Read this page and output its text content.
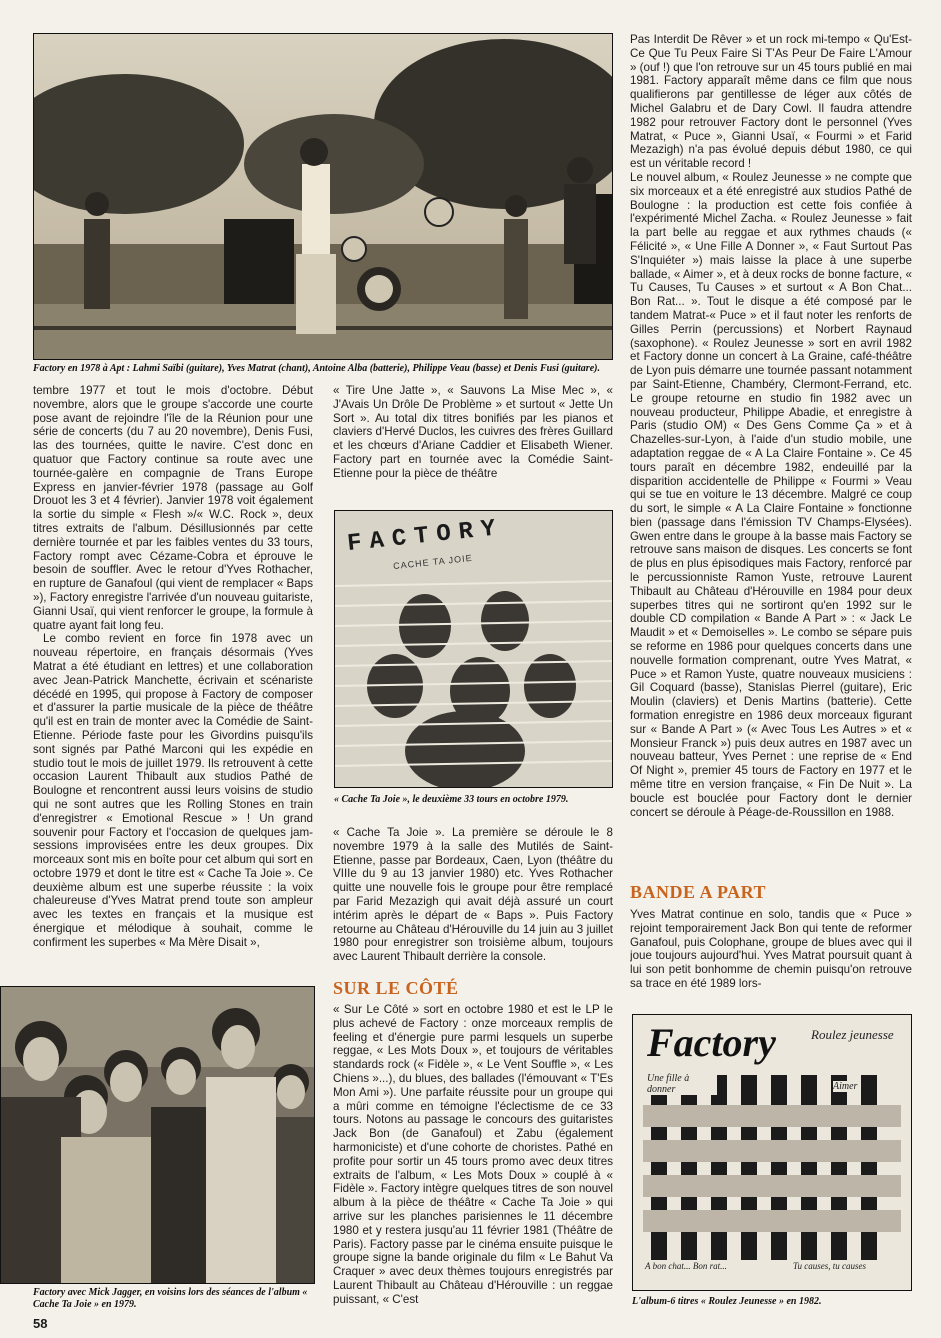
Factory en 1978 à Apt : Lahmi Saïbi (guitare), Yves Matrat (chant), Antoine Alba (batterie), Philippe Veau (basse) et Denis Fusi (guitare).
FACTORY
CACHE TA JOIE
« Cache Ta Joie », le deuxième 33 tours en octobre 1979.
Factory avec Mick Jagger, en voisins lors des séances de l'album « Cache Ta Joie » en 1979.
Factory	Roulez jeunesse
Une fille à donner	Aimer
A bon chat... Bon rat...	Tu causes, tu causes
L'album-6 titres « Roulez Jeunesse » en 1982.

tembre 1977 et tout le mois d'octobre. Début novembre, alors que le groupe s'accorde une courte pose avant de rejoindre l'île de la Réunion pour une série de concerts (du 7 au 20 novembre), Denis Fusi, las des tournées, quitte le navire. C'est donc en quatuor que Factory continue sa route avec une tournée-galère en compagnie de Trans Europe Express en janvier-février 1978 (passage au Golf Drouot les 3 et 4 février). Janvier 1978 voit également la sortie du simple « Flesh »/« W.C. Rock », deux titres extraits de l'album. Désillusionnés par cette dernière tournée et par les faibles ventes du 33 tours, Factory rompt avec Cézame-Cobra et éprouve le besoin de souffler. Avec le retour d'Yves Rothacher, en rupture de Ganafoul (qui vient de remplacer « Baps »), Factory enregistre l'arrivée d'un nouveau guitariste, Gianni Usaï, qui vient renforcer le groupe, la formule à quatre ayant fait long feu.

Le combo revient en force fin 1978 avec un nouveau répertoire, en français désormais (Yves Matrat a été étudiant en lettres) et une collaboration avec Jean-Patrick Manchette, écrivain et scénariste décédé en 1995, qui propose à Factory de composer et d'assurer la partie musicale de la pièce de théâtre qu'il est en train de monter avec la Comédie de Saint-Etienne. Période faste pour les Givordins puisqu'ils sont signés par Pathé Marconi qui les expédie en studio tout le mois de juillet 1979. Ils retrouvent à cette occasion Laurent Thibault aux studios Pathé de Boulogne et rencontrent aussi leurs voisins de studio qui ne sont autres que les Rolling Stones en train d'enregistrer « Emotional Rescue » ! Un grand souvenir pour Factory et l'occasion de quelques jam-sessions improvisées entre les deux groupes. Dix morceaux sont mis en boîte pour cet album qui sort en octobre 1979 et dont le titre est « Cache Ta Joie ». Ce deuxième album est une superbe réussite : la voix chaleureuse d'Yves Matrat prend toute son ampleur avec les textes en français et la musique est énergique et mélodique à souhait, comme le confirment les superbes « Ma Mère Disait »,

« Tire Une Jatte », « Sauvons La Mise Mec », « J'Avais Un Drôle De Problème » et surtout « Jette Un Sort ». Au total dix titres bonifiés par les pianos et claviers d'Hervé Duclos, les cuivres des frères Guillard et les chœurs d'Ariane Caddier et Elisabeth Wiener. Factory part en tournée avec la Comédie Saint-Etienne pour la pièce de théâtre

« Cache Ta Joie ». La première se déroule le 8 novembre 1979 à la salle des Mutilés de Saint-Etienne, passe par Bordeaux, Caen, Lyon (théâtre du VIIIe du 9 au 13 janvier 1980) etc. Yves Rothacher quitte une nouvelle fois le groupe pour être remplacé par Farid Mezazigh qui avait déjà assuré un court intérim après le départ de « Baps ». Puis Factory retourne au Château d'Hérouville du 14 juin au 3 juillet 1980 pour enregistrer son troisième album, toujours avec Laurent Thibault derrière la console.

SUR LE CÔTÉ

« Sur Le Côté » sort en octobre 1980 et est le LP le plus achevé de Factory : onze morceaux remplis de feeling et d'énergie pure parmi lesquels un superbe reggae, « Les Mots Doux », et toujours de véritables standards rock (« Fidèle », « Le Vent Souffle », « Les Chiens »...), du blues, des ballades (l'émouvant « T'Es Mon Ami »). Une parfaite réussite pour un groupe qui a mûri comme en témoigne l'éclectisme de ce 33 tours. Notons au passage le concours des guitaristes Jack Bon (de Ganafoul) et Zabu (également harmoniciste) et d'une cohorte de choristes. Pathé en profite pour sortir un 45 tours promo avec deux titres extraits de l'album, « Les Mots Doux » couplé à « Fidèle ». Factory intègre quelques titres de son nouvel album à la pièce de théâtre « Cache Ta Joie » qui arrive sur les planches parisiennes le 11 décembre 1980 et y restera jusqu'au 11 février 1981 (Théâtre de Paris). Factory passe par le cinéma ensuite puisque le groupe signe la bande originale du film « Le Bahut Va Craquer » avec deux thèmes toujours enregistrés par Laurent Thibault au Château d'Hérouville : un reggae puissant, « C'est

Pas Interdit De Rêver » et un rock mi-tempo « Qu'Est-Ce Que Tu Peux Faire Si T'As Peur De Faire L'Amour » (ouf !) que l'on retrouve sur un 45 tours publié en mai 1981. Factory apparaît même dans ce film que nous qualifierons par gentillesse de léger aux côtés de Michel Galabru et de Dary Cowl. Il faudra attendre 1982 pour retrouver Factory dont le personnel (Yves Matrat, « Puce », Gianni Usaï, « Fourmi » et Farid Mezazigh) n'a pas évolué depuis début 1980, ce qui est un véritable record !

Le nouvel album, « Roulez Jeunesse » ne compte que six morceaux et a été enregistré aux studios Pathé de Boulogne : la production est cette fois confiée à l'expérimenté Michel Zacha. « Roulez Jeunesse » fait la part belle au reggae et aux rythmes chauds (« Félicité », « Une Fille A Donner », « Faut Surtout Pas S'Inquiéter ») mais laisse la place à une superbe ballade, « Aimer », et à deux rocks de bonne facture, « Tu Causes, Tu Causes » et surtout « A Bon Chat... Bon Rat... ». Tout le disque a été composé par le tandem Matrat-« Puce » et il faut noter les renforts de Gilles Perrin (percussions) et Norbert Raynaud (saxophone). « Roulez Jeunesse » sort en avril 1982 et Factory donne un concert à La Graine, café-théâtre de Lyon puis démarre une tournée passant notamment par Saint-Etienne, Chambéry, Clermont-Ferrand, etc. Le groupe retourne en studio fin 1982 avec un nouveau producteur, Philippe Abadie, et enregistre à Paris (studio OM) « Des Gens Comme Ça » et à Chazelles-sur-Lyon, à l'aide d'un studio mobile, une adaptation reggae de « A La Claire Fontaine ». Ce 45 tours paraît en décembre 1982, endeuillé par la disparition accidentelle de Philippe « Fourmi » Veau qui se tue en voiture le 13 décembre. Malgré ce coup du sort, le simple « A La Claire Fontaine » fonctionne bien (passage dans l'émission TV Champs-Elysées). Gwen entre dans le groupe à la basse mais Factory se retrouve sans maison de disques. Les concerts se font de plus en plus épisodiques mais Factory, renforcé par le percussionniste Ramon Yuste, retrouve Laurent Thibault au Château d'Hérouville en 1984 pour deux superbes titres qui ne sortiront qu'en 1992 sur le double CD compilation « Bande A Part » : « Jack Le Maudit » et « Demoiselles ». Le combo se sépare puis se reforme en 1986 pour quelques concerts dans une nouvelle formation comprenant, outre Yves Matrat, « Puce » et Ramon Yuste, quatre nouveaux musiciens : Gil Coquard (basse), Stanislas Pierrel (guitare), Eric Moulin (claviers) et Denis Martins (batterie). Cette formation enregistre en 1986 deux morceaux figurant sur « Bande A Part » (« Avec Tous Les Autres » et « Monsieur Franck ») puis deux autres en 1987 avec un nouveau batteur, Yves Pernet : une reprise de « End Of Night », premier 45 tours de Factory en 1977 et le même titre en version française, « Fin De Nuit ». La boucle est bouclée pour Factory dont le dernier concert se déroule à Péage-de-Roussillon en 1988.

BANDE A PART

Yves Matrat continue en solo, tandis que « Puce » rejoint temporairement Jack Bon qui tente de reformer Ganafoul, puis Colophane, groupe de blues avec qui il joue toujours aujourd'hui. Yves Matrat poursuit quant à lui son petit bonhomme de chemin puisqu'on retrouve sa trace en été 1989 lors-

58
